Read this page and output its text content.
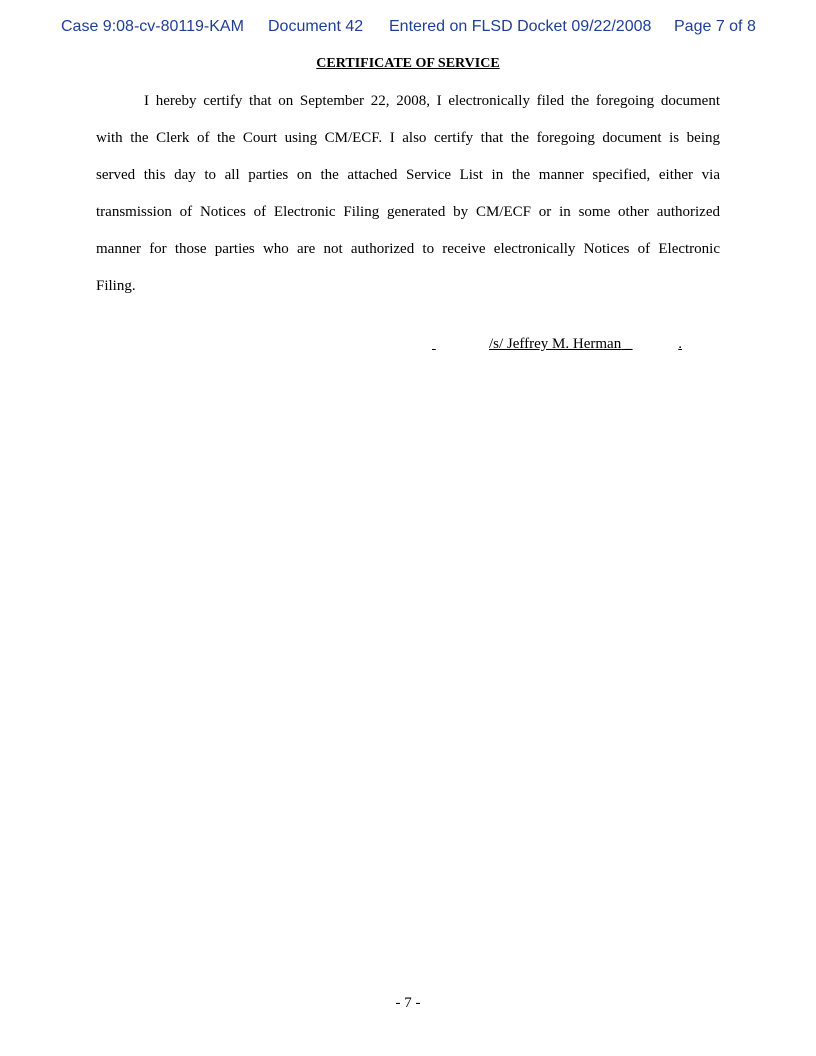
Case 9:08-cv-80119-KAM Document 42 Entered on FLSD Docket 09/22/2008 Page 7 of 8
CERTIFICATE OF SERVICE
I hereby certify that on September 22, 2008, I electronically filed the foregoing document
with the Clerk of the Court using CM/ECF. I also certify that the foregoing document is being
served this day to all parties on the attached Service List in the manner specified, either via
transmission of Notices of Electronic Filing generated by CM/ECF or in some other authorized
manner for those parties who are not authorized to receive electronically Notices of Electronic
Filing.
/s/ Jeffrey M. Herman _	.
- 7 -
